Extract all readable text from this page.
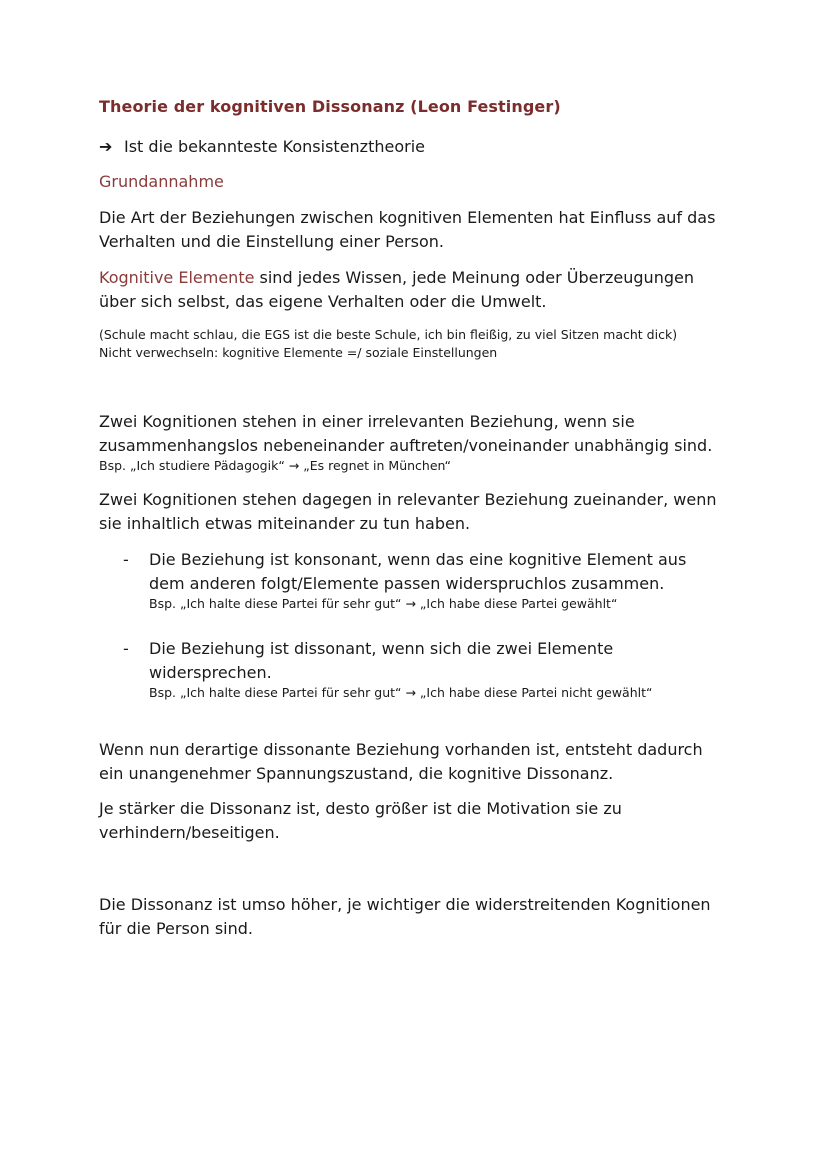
Theorie der kognitiven Dissonanz (Leon Festinger)
➔ Ist die bekannteste Konsistenztheorie
Grundannahme
Die Art der Beziehungen zwischen kognitiven Elementen hat Einfluss auf das
Verhalten und die Einstellung einer Person.
Kognitive Elemente sind jedes Wissen, jede Meinung oder Überzeugungen
über sich selbst, das eigene Verhalten oder die Umwelt.
(Schule macht schlau, die EGS ist die beste Schule, ich bin fleißig, zu viel Sitzen macht dick)
Nicht verwechseln: kognitive Elemente =/ soziale Einstellungen
Zwei Kognitionen stehen in einer irrelevanten Beziehung, wenn sie
zusammenhangslos nebeneinander auftreten/voneinander unabhängig sind.
Bsp. „Ich studiere Pädagogik“ → „Es regnet in München“
Zwei Kognitionen stehen dagegen in relevanter Beziehung zueinander, wenn
sie inhaltlich etwas miteinander zu tun haben.
- Die Beziehung ist konsonant, wenn das eine kognitive Element aus
dem anderen folgt/Elemente passen widerspruchlos zusammen.
Bsp. „Ich halte diese Partei für sehr gut“ → „Ich habe diese Partei gewählt“
- Die Beziehung ist dissonant, wenn sich die zwei Elemente
widersprechen.
Bsp. „Ich halte diese Partei für sehr gut“ → „Ich habe diese Partei nicht gewählt“
Wenn nun derartige dissonante Beziehung vorhanden ist, entsteht dadurch
ein unangenehmer Spannungszustand, die kognitive Dissonanz.
Je stärker die Dissonanz ist, desto größer ist die Motivation sie zu
verhindern/beseitigen.
Die Dissonanz ist umso höher, je wichtiger die widerstreitenden Kognitionen
für die Person sind.
